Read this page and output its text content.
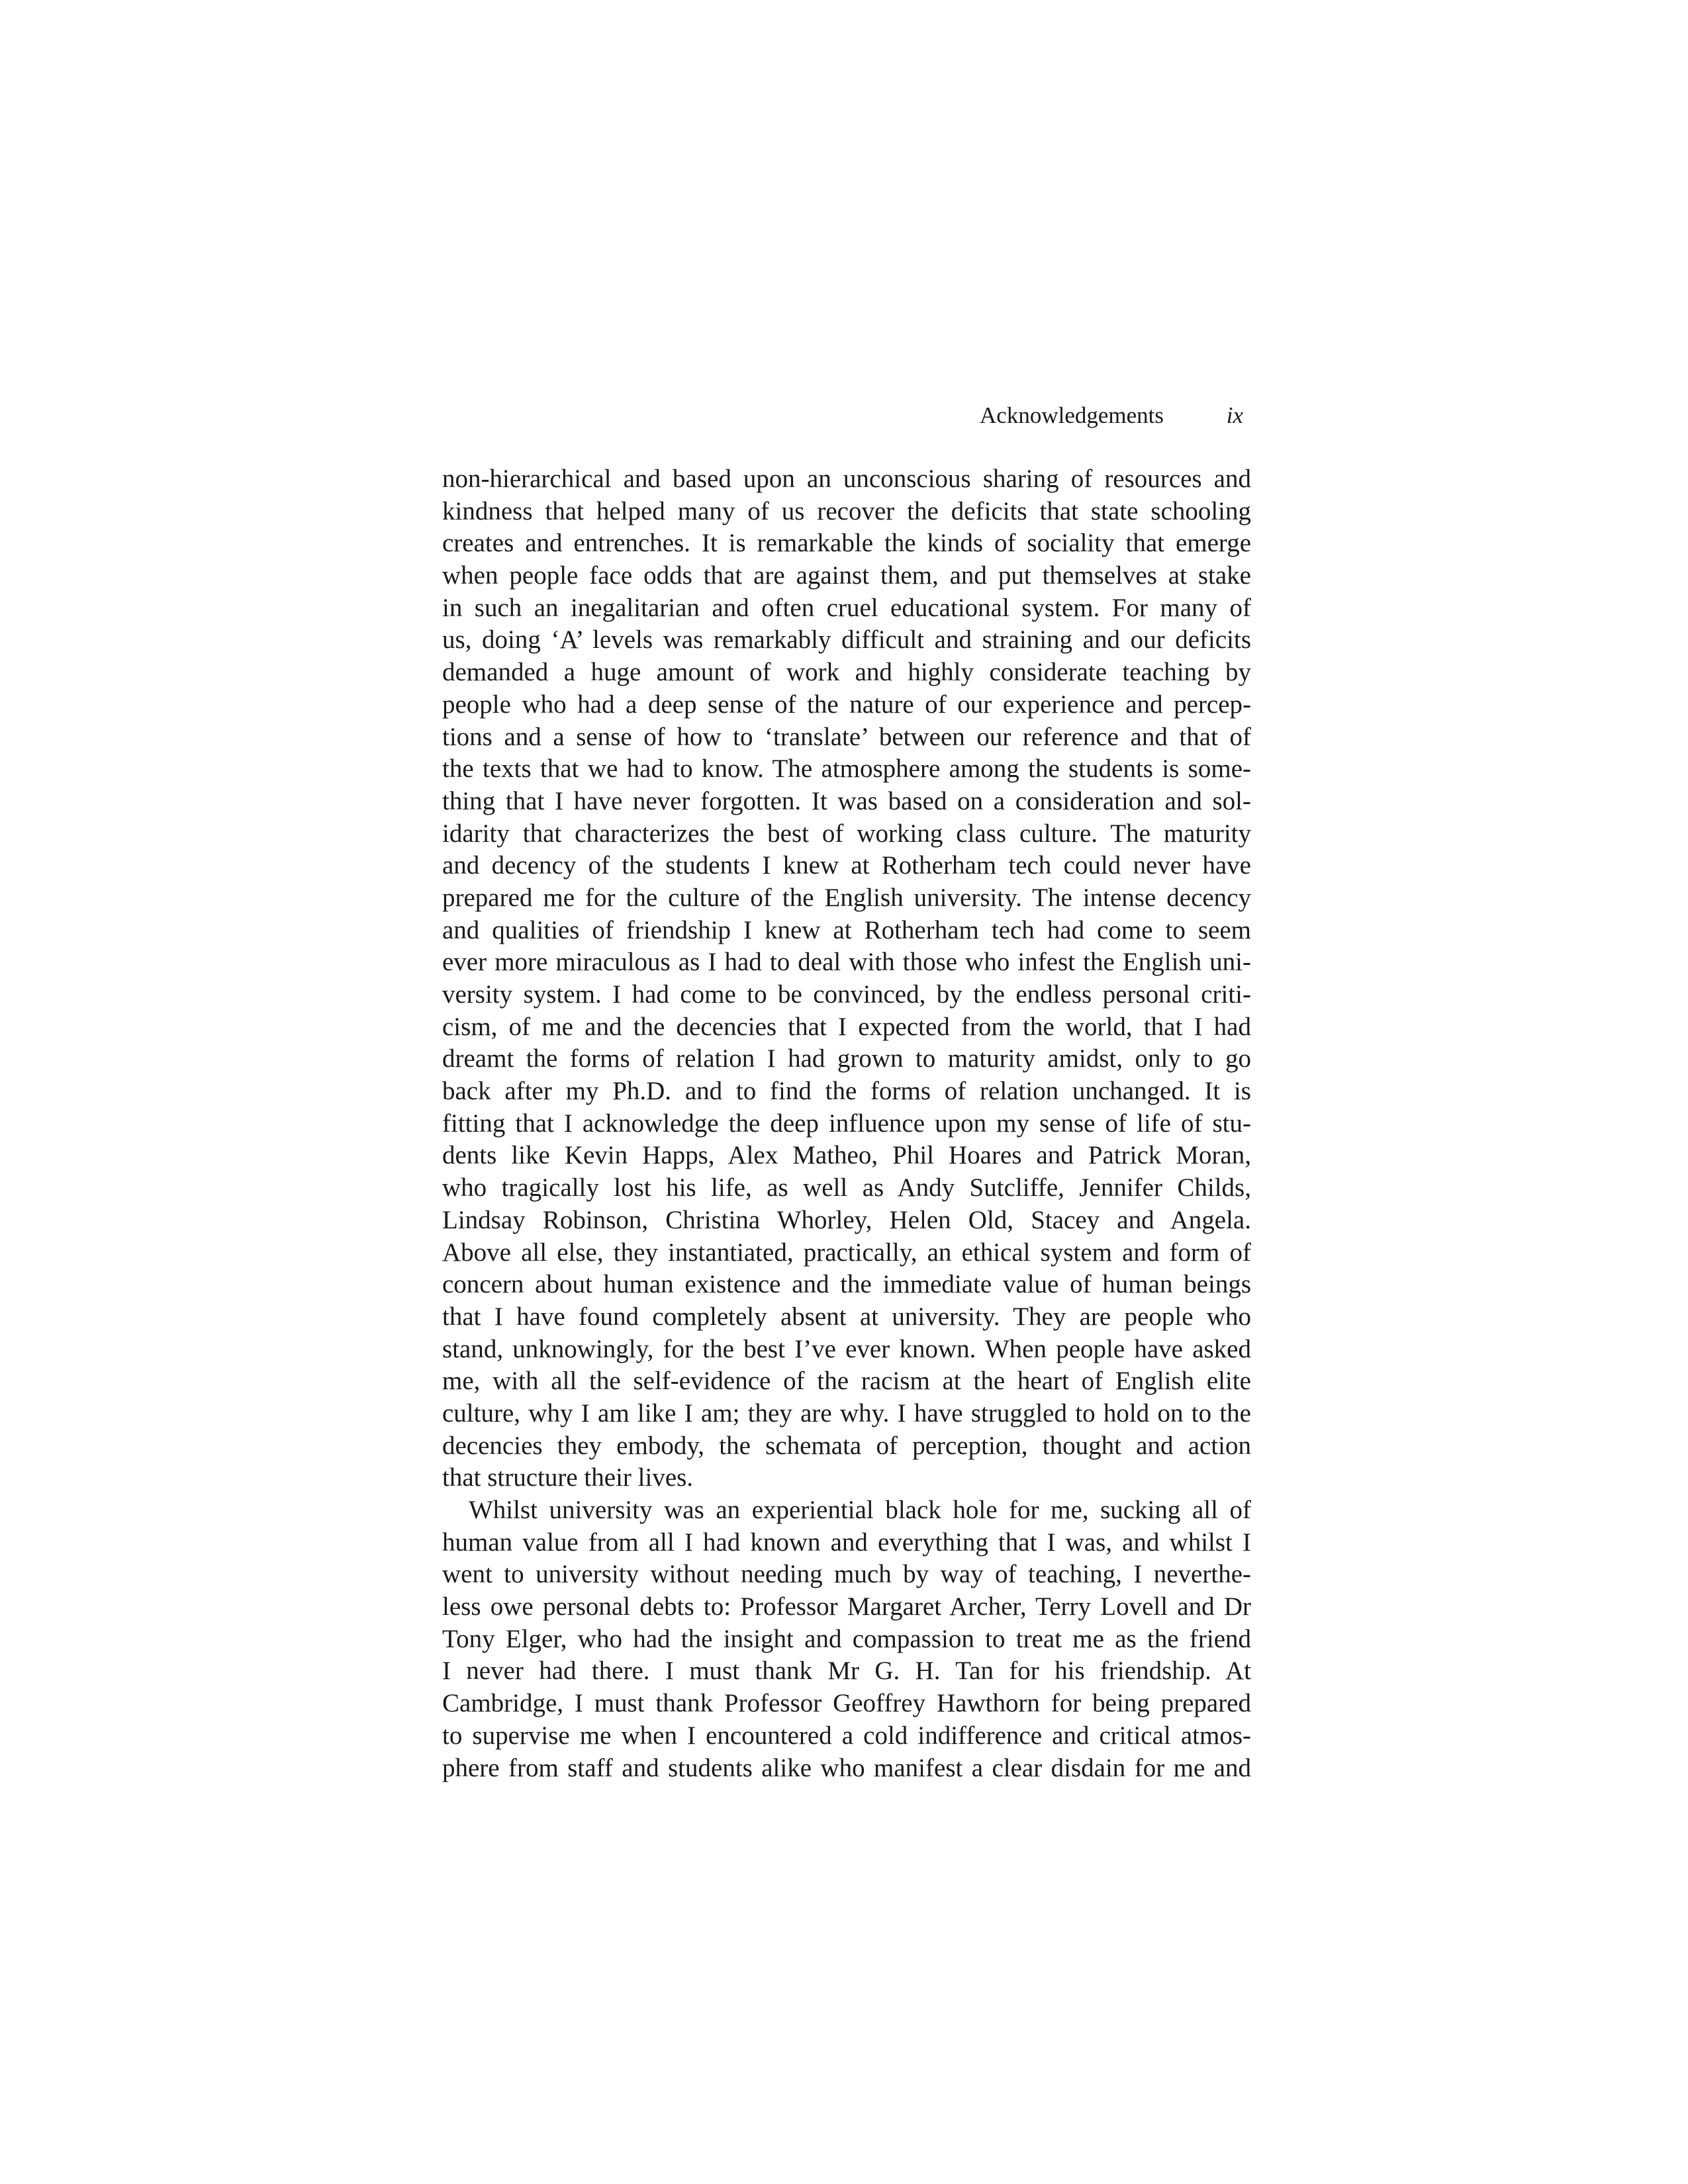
Acknowledgements	ix
non-hierarchical and based upon an unconscious sharing of resources and
kindness that helped many of us recover the deficits that state schooling
creates and entrenches. It is remarkable the kinds of sociality that emerge
when people face odds that are against them, and put themselves at stake
in such an inegalitarian and often cruel educational system. For many of
us, doing ‘A’ levels was remarkably difficult and straining and our deficits
demanded a huge amount of work and highly considerate teaching by
people who had a deep sense of the nature of our experience and percep-
tions and a sense of how to ‘translate’ between our reference and that of
the texts that we had to know. The atmosphere among the students is some-
thing that I have never forgotten. It was based on a consideration and sol-
idarity that characterizes the best of working class culture. The maturity
and decency of the students I knew at Rotherham tech could never have
prepared me for the culture of the English university. The intense decency
and qualities of friendship I knew at Rotherham tech had come to seem
ever more miraculous as I had to deal with those who infest the English uni-
versity system. I had come to be convinced, by the endless personal criti-
cism, of me and the decencies that I expected from the world, that I had
dreamt the forms of relation I had grown to maturity amidst, only to go
back after my Ph.D. and to find the forms of relation unchanged. It is
fitting that I acknowledge the deep influence upon my sense of life of stu-
dents like Kevin Happs, Alex Matheo, Phil Hoares and Patrick Moran,
who tragically lost his life, as well as Andy Sutcliffe, Jennifer Childs,
Lindsay Robinson, Christina Whorley, Helen Old, Stacey and Angela.
Above all else, they instantiated, practically, an ethical system and form of
concern about human existence and the immediate value of human beings
that I have found completely absent at university. They are people who
stand, unknowingly, for the best I’ve ever known. When people have asked
me, with all the self-evidence of the racism at the heart of English elite
culture, why I am like I am; they are why. I have struggled to hold on to the
decencies they embody, the schemata of perception, thought and action
that structure their lives.
Whilst university was an experiential black hole for me, sucking all of
human value from all I had known and everything that I was, and whilst I
went to university without needing much by way of teaching, I neverthe-
less owe personal debts to: Professor Margaret Archer, Terry Lovell and Dr
Tony Elger, who had the insight and compassion to treat me as the friend
I never had there. I must thank Mr G. H. Tan for his friendship. At
Cambridge, I must thank Professor Geoffrey Hawthorn for being prepared
to supervise me when I encountered a cold indifference and critical atmos-
phere from staff and students alike who manifest a clear disdain for me and
